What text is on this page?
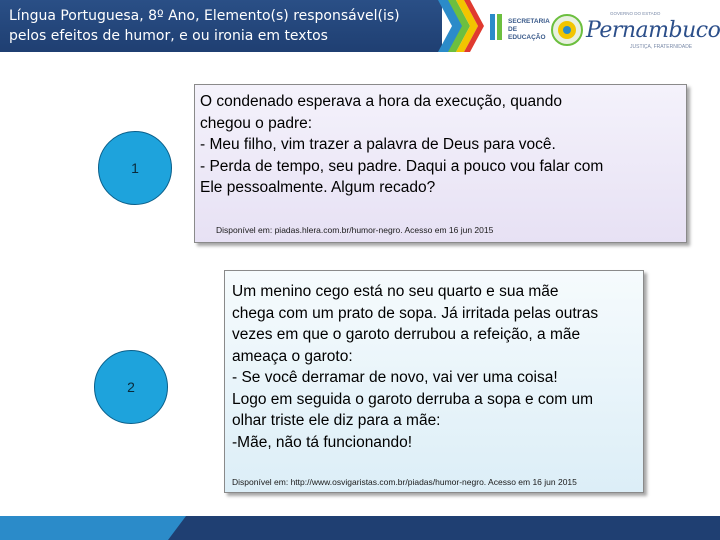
Língua Portuguesa, 8º Ano, Elemento(s) responsável(is)
pelos efeitos de humor, e ou ironia em textos
SECRETARIA
DE EDUCAÇÃO
GOVERNO DO ESTADO
Pernambuco
JUSTIÇA, FRATERNIDADE
1

O condenado esperava a hora da execução, quando
chegou o padre:
- Meu filho, vim trazer a palavra de Deus para você.
- Perda de tempo, seu padre. Daqui a pouco vou falar com
Ele pessoalmente. Algum recado?

Disponível em: piadas.hlera.com.br/humor-negro. Acesso em 16 jun 2015
2

Um menino cego está no seu quarto e sua mãe
chega com um prato de sopa. Já irritada pelas outras
vezes em que o garoto derrubou a refeição, a mãe
ameaça o garoto:
- Se você derramar de novo, vai ver uma coisa!
Logo em seguida o garoto derruba a sopa e com um
olhar triste ele diz para a mãe:
-Mãe, não tá funcionando!

Disponível em: http://www.osvigaristas.com.br/piadas/humor-negro. Acesso em 16 jun 2015
